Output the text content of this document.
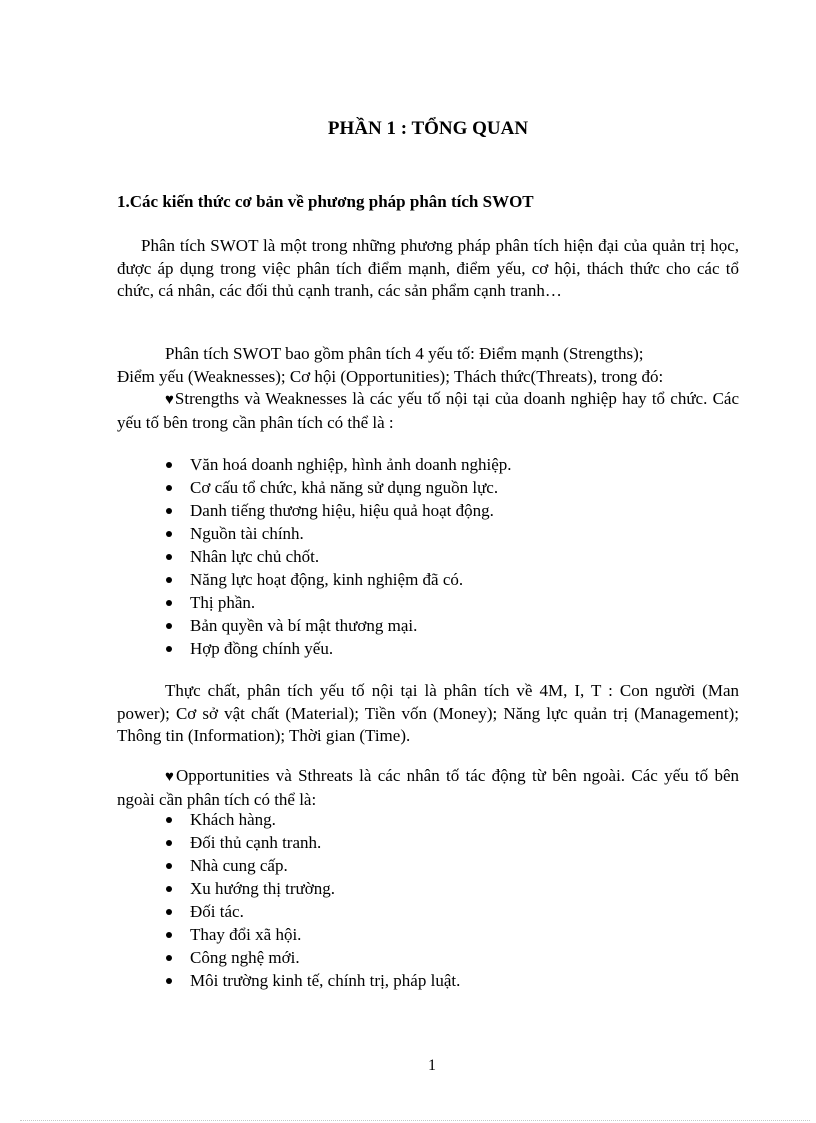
PHẦN 1 : TỔNG QUAN
1.Các kiến thức cơ bản về phương pháp phân tích SWOT

Phân tích SWOT là một trong những phương pháp phân tích hiện đại của quản trị học, được áp dụng trong việc phân tích điểm mạnh, điểm yếu, cơ hội, thách thức cho các tổ chức, cá nhân, các đối thủ cạnh tranh, các sản phẩm cạnh tranh…

Phân tích SWOT bao gồm phân tích 4 yếu tố: Điểm mạnh (Strengths);

Điểm yếu (Weaknesses); Cơ hội (Opportunities); Thách thức(Threats), trong đó:

♥Strengths và Weaknesses là các yếu tố nội tại của doanh nghiệp hay tổ chức. Các yếu tố bên trong cần phân tích có thể là :

Văn hoá doanh nghiệp, hình ảnh doanh nghiệp.
Cơ cấu tổ chức, khả năng sử dụng nguồn lực.
Danh tiếng thương hiệu, hiệu quả hoạt động.
Nguồn tài chính.
Nhân lực chủ chốt.
Năng lực hoạt động, kinh nghiệm đã có.
Thị phần.
Bản quyền và bí mật thương mại.
Hợp đồng chính yếu.

Thực chất, phân tích yếu tố nội tại là phân tích về 4M, I, T : Con người (Man power); Cơ sở vật chất (Material); Tiền vốn (Money); Năng lực quản trị (Management); Thông tin (Information); Thời gian (Time).

♥Opportunities và Sthreats là các nhân tố tác động từ bên ngoài. Các yếu tố bên ngoài cần phân tích có thể là:

Khách hàng.
Đối thủ cạnh tranh.
Nhà cung cấp.
Xu hướng thị trường.
Đối tác.
Thay đổi xã hội.
Công nghệ mới.
Môi trường kinh tế, chính trị, pháp luật.

1
